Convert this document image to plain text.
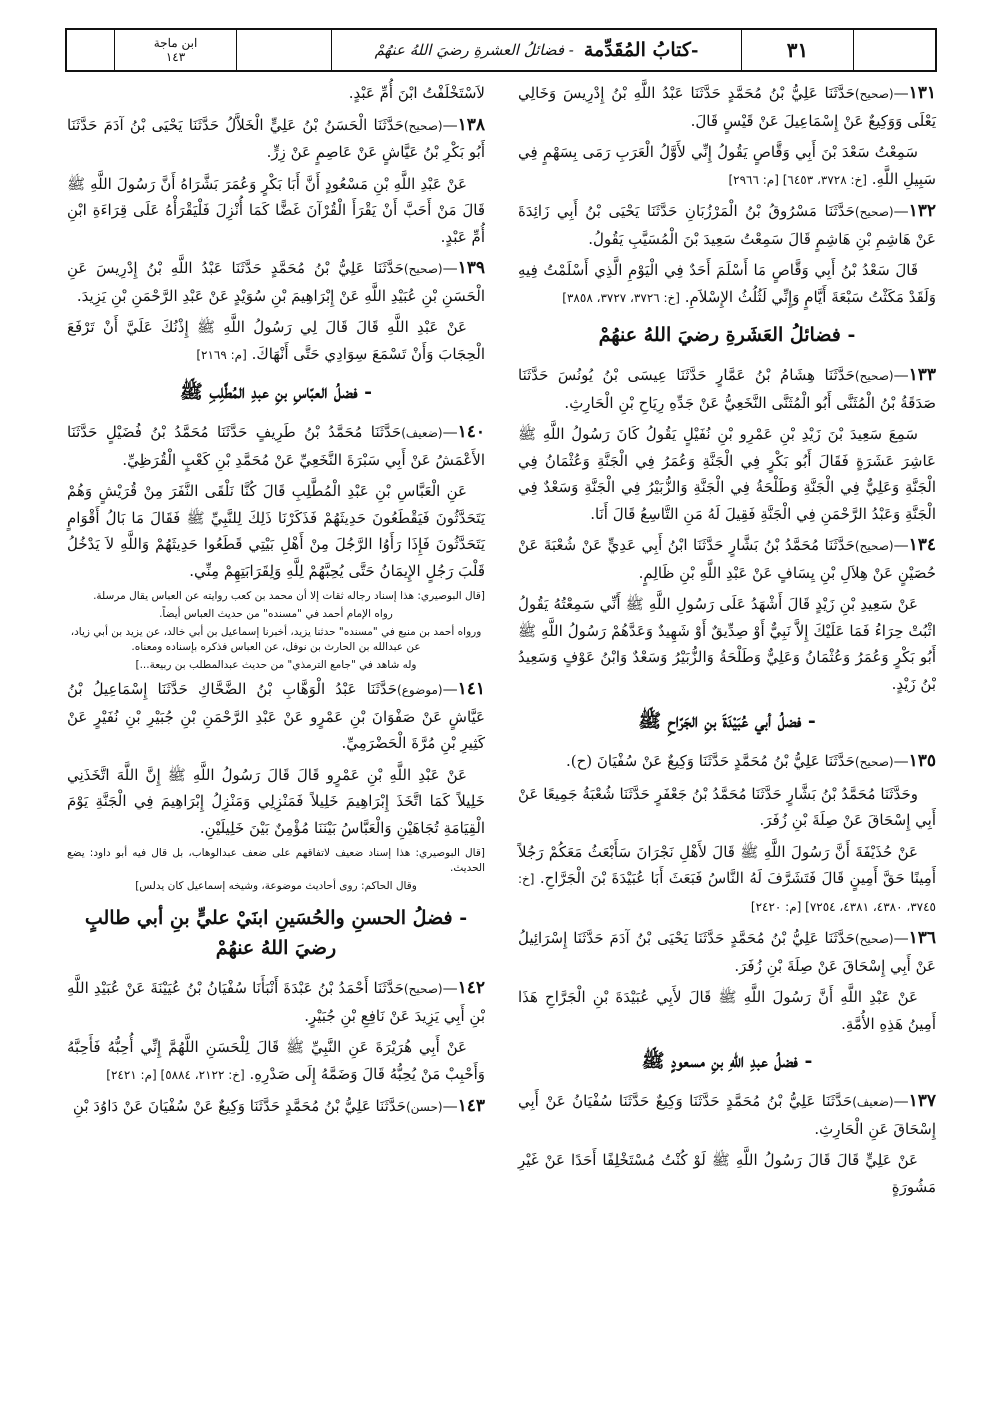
ابن ماجة
١٤٣	-
كتابُ المُقَدِّمة
- فضائلُ العشرةِ رضيَ اللهُ عنهُمْ	٣١

١٣١—(صحيح)حَدَّثَنَا عَلِيُّ بْنُ مُحَمَّدٍ حَدَّثَنَا عَبْدُ اللَّهِ بْنُ إِدْرِيسَ وَخَالِي يَعْلَى وَوَكِيعٌ عَنْ إِسْمَاعِيلَ عَنْ قَيْسٍ قَالَ.

سَمِعْتُ سَعْدَ بْنَ أَبِي وَقَّاصٍ يَقُولُ إِنِّي لأَوَّلُ الْعَرَبِ رَمَى بِسَهْمٍ فِي سَبِيلِ اللَّهِ. [خ: ٣٧٢٨، ٦٤٥٣] [م: ٢٩٦٦]

١٣٢—(صحيح)حَدَّثَنَا مَسْرُوقُ بْنُ الْمَرْزُبَانِ حَدَّثَنَا يَحْيَى بْنُ أَبِي زَائِدَةَ عَنْ هَاشِمِ بْنِ هَاشِمٍ قَالَ سَمِعْتُ سَعِيدَ بْنَ الْمُسَيَّبِ يَقُولُ.

قَالَ سَعْدُ بْنُ أَبِي وَقَّاصٍ مَا أَسْلَمَ أَحَدٌ فِي الْيَوْمِ الَّذِي أَسْلَمْتُ فِيهِ وَلَقَدْ مَكَثْتُ سَبْعَةَ أَيَّامٍ وَإِنِّي لَثُلُثُ الإِسْلاَمِ. [خ: ٣٧٢٦، ٣٧٢٧، ٣٨٥٨]

- فضائلُ العَشَرةِ رضيَ اللهُ عنهُمْ

١٣٣—(صحيح)حَدَّثَنَا هِشَامُ بْنُ عَمَّارٍ حَدَّثَنَا عِيسَى بْنُ يُونُسَ حَدَّثَنَا صَدَقَةُ بْنُ الْمُثَنَّى أَبُو الْمُثَنَّى النَّخَعِيُّ عَنْ جَدِّهِ رِيَاحِ بْنِ الْحَارِثِ.

سَمِعَ سَعِيدَ بْنَ زَيْدِ بْنِ عَمْرِو بْنِ نُفَيْلٍ يَقُولُ كَانَ رَسُولُ اللَّهِ ﷺ عَاشِرَ عَشَرَةٍ فَقَالَ أَبُو بَكْرٍ فِي الْجَنَّةِ وَعُمَرُ فِي الْجَنَّةِ وَعُثْمَانُ فِي الْجَنَّةِ وَعَلِيٌّ فِي الْجَنَّةِ وَطَلْحَةُ فِي الْجَنَّةِ وَالزُّبَيْرُ فِي الْجَنَّةِ وَسَعْدٌ فِي الْجَنَّةِ وَعَبْدُ الرَّحْمَنِ فِي الْجَنَّةِ فَقِيلَ لَهُ مَنِ التَّاسِعُ قَالَ أَنَا.

١٣٤—(صحيح)حَدَّثَنَا مُحَمَّدُ بْنُ بَشَّارٍ حَدَّثَنَا ابْنُ أَبِي عَدِيٍّ عَنْ شُعْبَةَ عَنْ حُصَيْنٍ عَنْ هِلاَلِ بْنِ يِسَافٍ عَنْ عَبْدِ اللَّهِ بْنِ ظَالِمٍ.

عَنْ سَعِيدِ بْنِ زَيْدٍ قَالَ أَشْهَدُ عَلَى رَسُولِ اللَّهِ ﷺ أَنِّي سَمِعْتُهُ يَقُولُ اثْبُتْ حِرَاءُ فَمَا عَلَيْكَ إِلاَّ نَبِيٌّ أَوْ صِدِّيقٌ أَوْ شَهِيدٌ وَعَدَّهُمْ رَسُولُ اللَّهِ ﷺ أَبُو بَكْرٍ وَعُمَرُ وَعُثْمَانُ وَعَلِيٌّ وَطَلْحَةُ وَالزُّبَيْرُ وَسَعْدٌ وَابْنُ عَوْفٍ وَسَعِيدُ بْنُ زَيْدٍ.

- فضلُ أبي عُبَيْدَةَ بنِ الجَرّاحِ ﷺ

١٣٥—(صحيح)حَدَّثَنَا عَلِيُّ بْنُ مُحَمَّدٍ حَدَّثَنَا وَكِيعٌ عَنْ سُفْيَانَ (ح).

وحَدَّثَنَا مُحَمَّدُ بْنُ بَشَّارٍ حَدَّثَنَا مُحَمَّدُ بْنُ جَعْفَرٍ حَدَّثَنَا شُعْبَةُ جَمِيعًا عَنْ أَبِي إِسْحَاقَ عَنْ صِلَةَ بْنِ زُفَرَ.

عَنْ حُذَيْفَةَ أَنَّ رَسُولَ اللَّهِ ﷺ قَالَ لأَهْلِ نَجْرَانَ سَأَبْعَثُ مَعَكُمْ رَجُلاً أَمِينًا حَقَّ أَمِينٍ قَالَ فَتَشَرَّفَ لَهُ النَّاسُ فَبَعَثَ أَبَا عُبَيْدَةَ بْنَ الْجَرَّاحِ. [خ: ٣٧٤٥، ٤٣٨٠، ٤٣٨١، ٧٢٥٤] [م: ٢٤٢٠]

١٣٦—(صحيح)حَدَّثَنَا عَلِيُّ بْنُ مُحَمَّدٍ حَدَّثَنَا يَحْيَى بْنُ آدَمَ حَدَّثَنَا إِسْرَائِيلُ عَنْ أَبِي إِسْحَاقَ عَنْ صِلَةَ بْنِ زُفَرَ.

عَنْ عَبْدِ اللَّهِ أَنَّ رَسُولَ اللَّهِ ﷺ قَالَ لأَبِي عُبَيْدَةَ بْنِ الْجَرَّاحِ هَذَا أَمِينُ هَذِهِ الأُمَّةِ.

- فضلُ عبدِ اللهِ بنِ مسعودٍ ﷺ

١٣٧—(ضعيف)حَدَّثَنَا عَلِيُّ بْنُ مُحَمَّدٍ حَدَّثَنَا وَكِيعٌ حَدَّثَنَا سُفْيَانُ عَنْ أَبِي إِسْحَاقَ عَنِ الْحَارِثِ.

عَنْ عَلِيٍّ قَالَ قَالَ رَسُولُ اللَّهِ ﷺ لَوْ كُنْتُ مُسْتَخْلِفًا أَحَدًا عَنْ غَيْرِ مَشُورَةٍ

لاَسْتَخْلَفْتُ ابْنَ أُمِّ عَبْدٍ.

١٣٨—(صحيح)حَدَّثَنَا الْحَسَنُ بْنُ عَلِيٍّ الْخَلاَّلُ حَدَّثَنَا يَحْيَى بْنُ آدَمَ حَدَّثَنَا أَبُو بَكْرِ بْنُ عَيَّاشٍ عَنْ عَاصِمٍ عَنْ زِرٍّ.

عَنْ عَبْدِ اللَّهِ بْنِ مَسْعُودٍ أَنَّ أَبَا بَكْرٍ وَعُمَرَ بَشَّرَاهُ أَنَّ رَسُولَ اللَّهِ ﷺ قَالَ مَنْ أَحَبَّ أَنْ يَقْرَأَ الْقُرْآنَ غَضًّا كَمَا أُنْزِلَ فَلْيَقْرَأْهُ عَلَى قِرَاءَةِ ابْنِ أُمِّ عَبْدٍ.

١٣٩—(صحيح)حَدَّثَنَا عَلِيُّ بْنُ مُحَمَّدٍ حَدَّثَنَا عَبْدُ اللَّهِ بْنُ إِدْرِيسَ عَنِ الْحَسَنِ بْنِ عُبَيْدِ اللَّهِ عَنْ إِبْرَاهِيمَ بْنِ سُوَيْدٍ عَنْ عَبْدِ الرَّحْمَنِ بْنِ يَزِيدَ.

عَنْ عَبْدِ اللَّهِ قَالَ قَالَ لِي رَسُولُ اللَّهِ ﷺ إِذْنُكَ عَلَيَّ أَنْ تَرْفَعَ الْحِجَابَ وَأَنْ تَسْمَعَ سِوَادِي حَتَّى أَنْهَاكَ. [م: ٢١٦٩]

- فضلُ العبّاسِ بنِ عبدِ المُطَّلِبِ ﷺ

١٤٠—(ضعيف)حَدَّثَنَا مُحَمَّدُ بْنُ طَرِيفٍ حَدَّثَنَا مُحَمَّدُ بْنُ فُضَيْلٍ حَدَّثَنَا الأَعْمَشُ عَنْ أَبِي سَبْرَةَ النَّخَعِيِّ عَنْ مُحَمَّدِ بْنِ كَعْبٍ الْقُرَظِيِّ.

عَنِ الْعَبَّاسِ بْنِ عَبْدِ الْمُطَّلِبِ قَالَ كُنَّا نَلْقَى النَّفَرَ مِنْ قُرَيْشٍ وَهُمْ يَتَحَدَّثُونَ فَيَقْطَعُونَ حَدِيثَهُمْ فَذَكَرْنَا ذَلِكَ لِلنَّبِيِّ ﷺ فَقَالَ مَا بَالُ أَقْوَامٍ يَتَحَدَّثُونَ فَإِذَا رَأَوُا الرَّجُلَ مِنْ أَهْلِ بَيْتِي قَطَعُوا حَدِيثَهُمْ وَاللَّهِ لاَ يَدْخُلُ قَلْبَ رَجُلٍ الإِيمَانُ حَتَّى يُحِبَّهُمْ لِلَّهِ وَلِقَرَابَتِهِمْ مِنِّي.

[قال البوصيري: هذا إسناد رجاله ثقات إلا أن محمد بن كعب روايته عن العباس يقال مرسلة.

رواه الإمام أحمد في "مسنده" من حديث العباس أيضاً.

ورواه أحمد بن منيع في "مسنده" حدثنا يزيد، أخبرنا إسماعيل بن أبي خالد، عن يزيد بن أبي زياد، عن عبدالله بن الحارث بن نوفل، عن العباس فذكره بإسناده ومعناه.

وله شاهد في "جامع الترمذي" من حديث عبدالمطلب بن ربيعة...]

١٤١—(موضوع)حَدَّثَنَا عَبْدُ الْوَهَّابِ بْنُ الضَّحَّاكِ حَدَّثَنَا إِسْمَاعِيلُ بْنُ عَيَّاشٍ عَنْ صَفْوَانَ بْنِ عَمْرٍو عَنْ عَبْدِ الرَّحْمَنِ بْنِ جُبَيْرِ بْنِ نُفَيْرٍ عَنْ كَثِيرِ بْنِ مُرَّةَ الْحَضْرَمِيِّ.

عَنْ عَبْدِ اللَّهِ بْنِ عَمْرٍو قَالَ قَالَ رَسُولُ اللَّهِ ﷺ إِنَّ اللَّهَ اتَّخَذَنِي خَلِيلاً كَمَا اتَّخَذَ إِبْرَاهِيمَ خَلِيلاً فَمَنْزِلِي وَمَنْزِلُ إِبْرَاهِيمَ فِي الْجَنَّةِ يَوْمَ الْقِيَامَةِ تُجَاهَيْنِ وَالْعَبَّاسُ بَيْنَنَا مُؤْمِنٌ بَيْنَ خَلِيلَيْنِ.

[قال البوصيري: هذا إسناد ضعيف لاتفاقهم على ضعف عبدالوهاب، بل قال فيه أبو داود: يضع الحديث.

وقال الحاكم: روى أحاديث موضوعة، وشيخه إسماعيل كان يدلس]

- فضلُ الحسنِ والحُسَينِ ابنَيْ عليٍّ بنِ أبي طالبٍ رضيَ اللهُ عنهُمْ

١٤٢—(صحيح)حَدَّثَنَا أَحْمَدُ بْنُ عَبْدَةَ أَنْبَأَنَا سُفْيَانُ بْنُ عُيَيْنَةَ عَنْ عُبَيْدِ اللَّهِ بْنِ أَبِي يَزِيدَ عَنْ نَافِعِ بْنِ جُبَيْرٍ.

عَنْ أَبِي هُرَيْرَةَ عَنِ النَّبِيِّ ﷺ قَالَ لِلْحَسَنِ اللَّهُمَّ إِنِّي أُحِبُّهُ فَأَحِبَّهُ وَأَحْبِبْ مَنْ يُحِبُّهُ قَالَ وَضَمَّهُ إِلَى صَدْرِهِ. [خ: ٢١٢٢، ٥٨٨٤] [م: ٢٤٢١]

١٤٣—(حسن)حَدَّثَنَا عَلِيُّ بْنُ مُحَمَّدٍ حَدَّثَنَا وَكِيعٌ عَنْ سُفْيَانَ عَنْ دَاوُدَ بْنِ
